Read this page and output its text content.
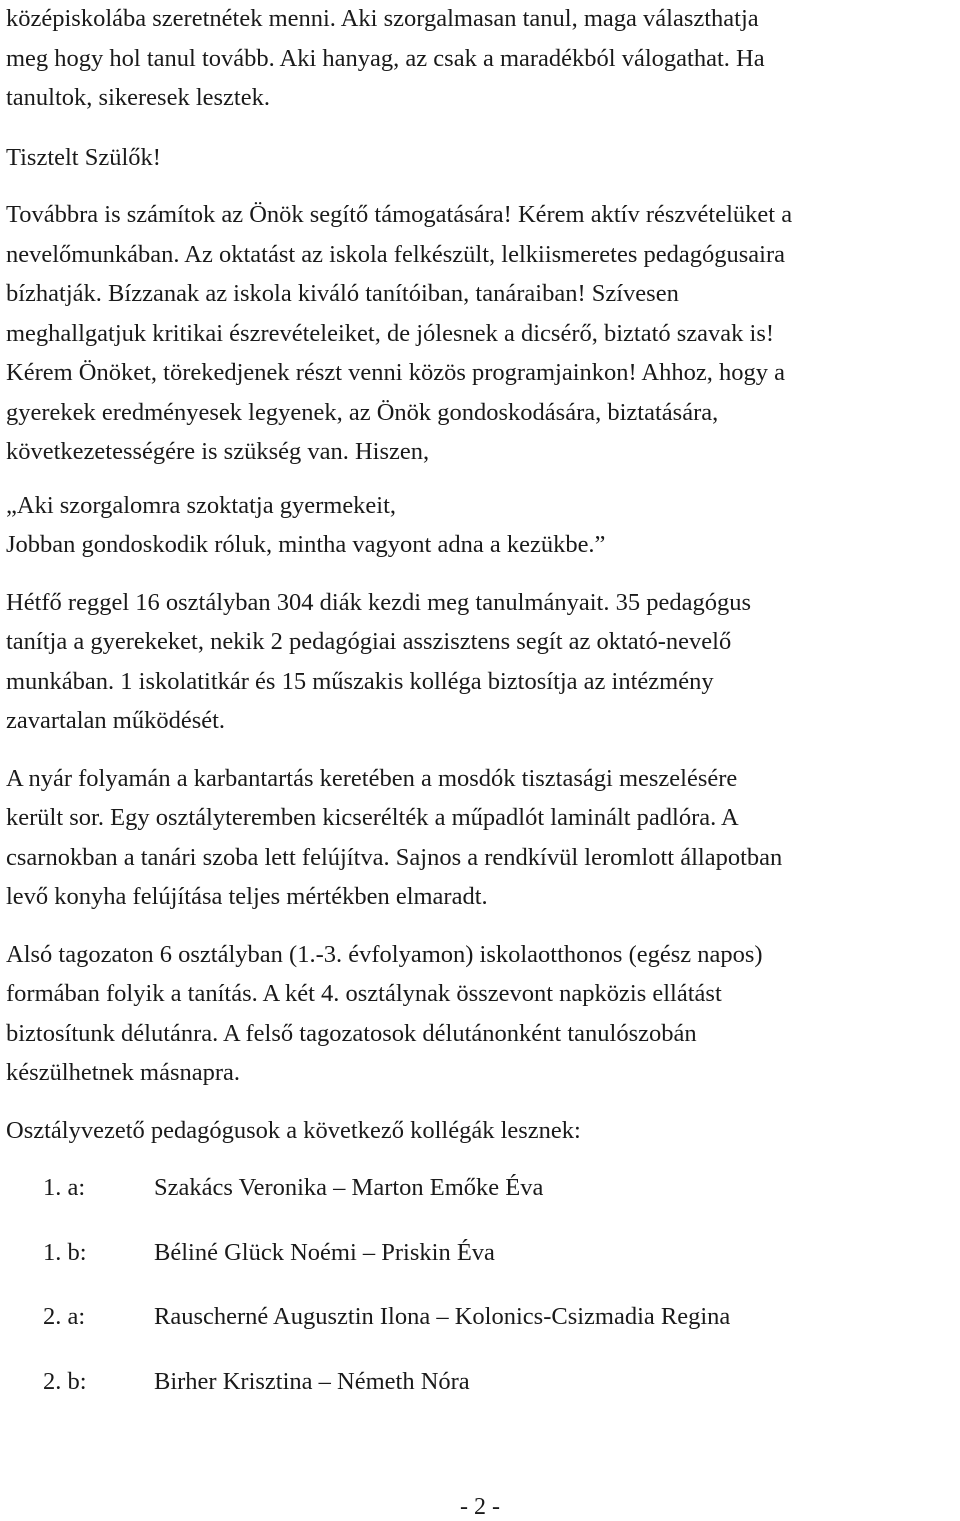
középiskolába szeretnétek menni. Aki szorgalmasan tanul, maga választhatja
meg hogy hol tanul tovább. Aki hanyag, az csak a maradékból válogathat. Ha
tanultok, sikeresek lesztek.

Tisztelt Szülők!

Továbbra is számítok az Önök segítő támogatására! Kérem aktív részvételüket a
nevelőmunkában. Az oktatást az iskola felkészült, lelkiismeretes pedagógusaira
bízhatják. Bízzanak az iskola kiváló tanítóiban, tanáraiban! Szívesen
meghallgatjuk kritikai észrevételeiket, de jólesnek a dicsérő, biztató szavak is!
Kérem Önöket, törekedjenek részt venni közös programjainkon! Ahhoz, hogy a
gyerekek eredményesek legyenek, az Önök gondoskodására, biztatására,
következetességére is szükség van. Hiszen,

„Aki szorgalomra szoktatja gyermekeit,
Jobban gondoskodik róluk, mintha vagyont adna a kezükbe.”

Hétfő reggel 16 osztályban 304 diák kezdi meg tanulmányait. 35 pedagógus
tanítja a gyerekeket, nekik 2 pedagógiai asszisztens segít az oktató-nevelő
munkában. 1 iskolatitkár és 15 műszakis kolléga biztosítja az intézmény
zavartalan működését.

A nyár folyamán a karbantartás keretében a mosdók tisztasági meszelésére
került sor. Egy osztályteremben kicserélték a műpadlót laminált padlóra. A
csarnokban a tanári szoba lett felújítva. Sajnos a rendkívül leromlott állapotban
levő konyha felújítása teljes mértékben elmaradt.

Alsó tagozaton 6 osztályban (1.-3. évfolyamon) iskolaotthonos (egész napos)
formában folyik a tanítás. A két 4. osztálynak összevont napközis ellátást
biztosítunk délutánra. A felső tagozatosok délutánonként tanulószobán
készülhetnek másnapra.

Osztályvezető pedagógusok a következő kollégák lesznek:

1. a:	Szakács Veronika – Marton Emőke Éva
1. b:	Béliné Glück Noémi – Priskin Éva
2. a:	Rauscherné Augusztin Ilona – Kolonics-Csizmadia Regina
2. b:	Birher Krisztina – Németh Nóra
- 2 -
